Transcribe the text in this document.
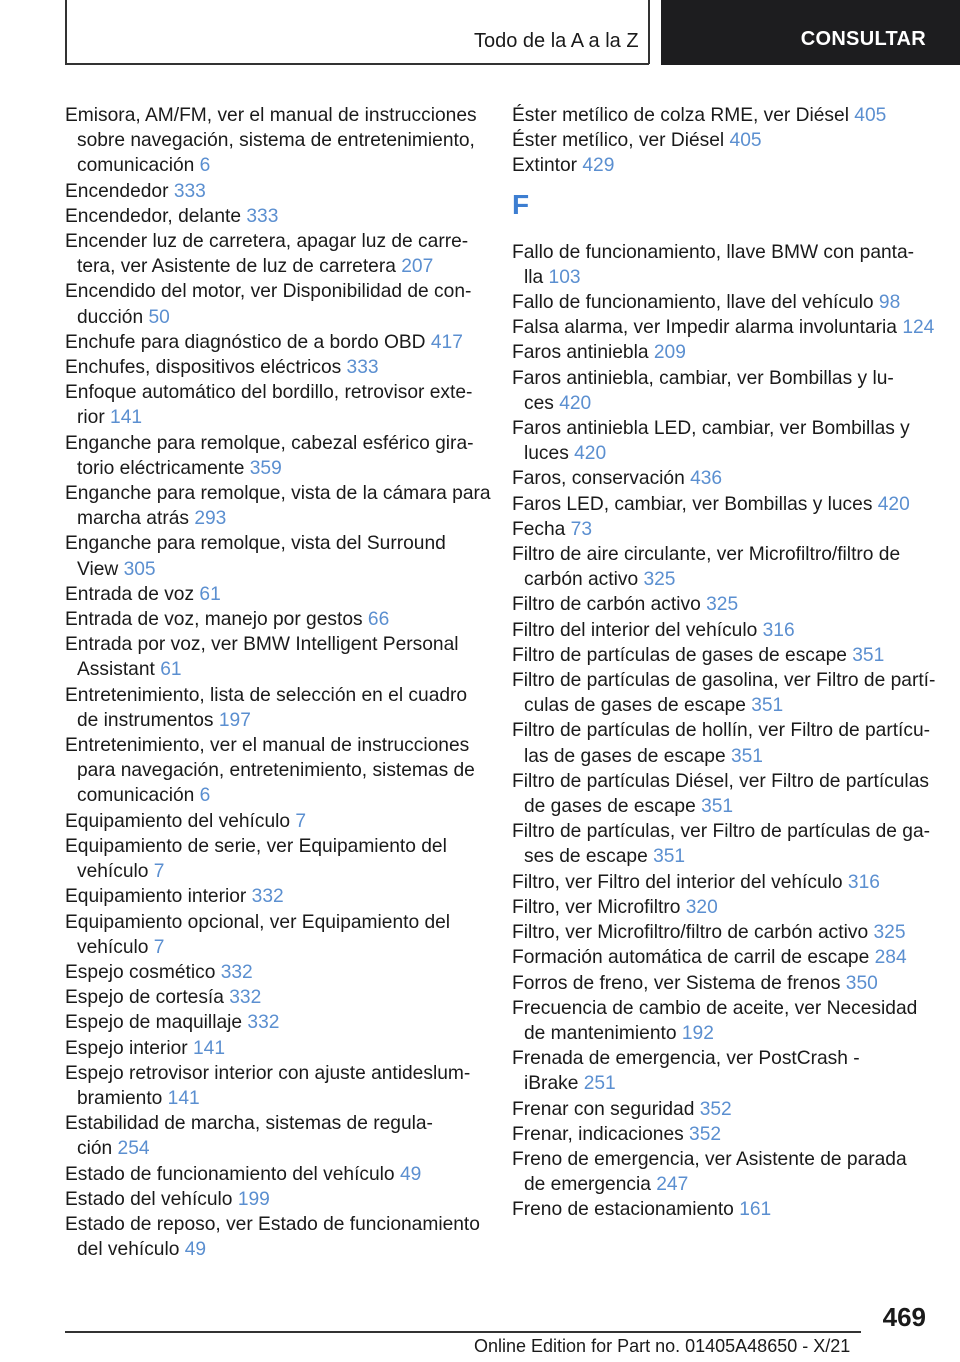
Todo de la A a la Z	CONSULTAR
Emisora, AM/FM, ver el manual de instrucciones
sobre navegación, sistema de entretenimiento,
comunicación 6
Encendedor 333
Encendedor, delante 333
Encender luz de carretera, apagar luz de carre‐
tera, ver Asistente de luz de carretera 207
Encendido del motor, ver Disponibilidad de con‐
ducción 50
Enchufe para diagnóstico de a bordo OBD 417
Enchufes, dispositivos eléctricos 333
Enfoque automático del bordillo, retrovisor exte‐
rior 141
Enganche para remolque, cabezal esférico gira‐
torio eléctricamente 359
Enganche para remolque, vista de la cámara para
marcha atrás 293
Enganche para remolque, vista del Surround
View 305
Entrada de voz 61
Entrada de voz, manejo por gestos 66
Entrada por voz, ver BMW Intelligent Personal
Assistant 61
Entretenimiento, lista de selección en el cuadro
de instrumentos 197
Entretenimiento, ver el manual de instrucciones
para navegación, entretenimiento, sistemas de
comunicación 6
Equipamiento del vehículo 7
Equipamiento de serie, ver Equipamiento del
vehículo 7
Equipamiento interior 332
Equipamiento opcional, ver Equipamiento del
vehículo 7
Espejo cosmético 332
Espejo de cortesía 332
Espejo de maquillaje 332
Espejo interior 141
Espejo retrovisor interior con ajuste antideslum‐
bramiento 141
Estabilidad de marcha, sistemas de regula‐
ción 254
Estado de funcionamiento del vehículo 49
Estado del vehículo 199
Estado de reposo, ver Estado de funcionamiento
del vehículo 49
Éster metílico de colza RME, ver Diésel 405
Éster metílico, ver Diésel 405
Extintor 429
F
Fallo de funcionamiento, llave BMW con panta‐
lla 103
Fallo de funcionamiento, llave del vehículo 98
Falsa alarma, ver Impedir alarma involuntaria 124
Faros antiniebla 209
Faros antiniebla, cambiar, ver Bombillas y lu‐
ces 420
Faros antiniebla LED, cambiar, ver Bombillas y
luces 420
Faros, conservación 436
Faros LED, cambiar, ver Bombillas y luces 420
Fecha 73
Filtro de aire circulante, ver Microfiltro/filtro de
carbón activo 325
Filtro de carbón activo 325
Filtro del interior del vehículo 316
Filtro de partículas de gases de escape 351
Filtro de partículas de gasolina, ver Filtro de partí‐
culas de gases de escape 351
Filtro de partículas de hollín, ver Filtro de partícu‐
las de gases de escape 351
Filtro de partículas Diésel, ver Filtro de partículas
de gases de escape 351
Filtro de partículas, ver Filtro de partículas de ga‐
ses de escape 351
Filtro, ver Filtro del interior del vehículo 316
Filtro, ver Microfiltro 320
Filtro, ver Microfiltro/filtro de carbón activo 325
Formación automática de carril de escape 284
Forros de freno, ver Sistema de frenos 350
Frecuencia de cambio de aceite, ver Necesidad
de mantenimiento 192
Frenada de emergencia, ver PostCrash -
iBrake 251
Frenar con seguridad 352
Frenar, indicaciones 352
Freno de emergencia, ver Asistente de parada
de emergencia 247
Freno de estacionamiento 161
469
Online Edition for Part no. 01405A48650 - X/21
